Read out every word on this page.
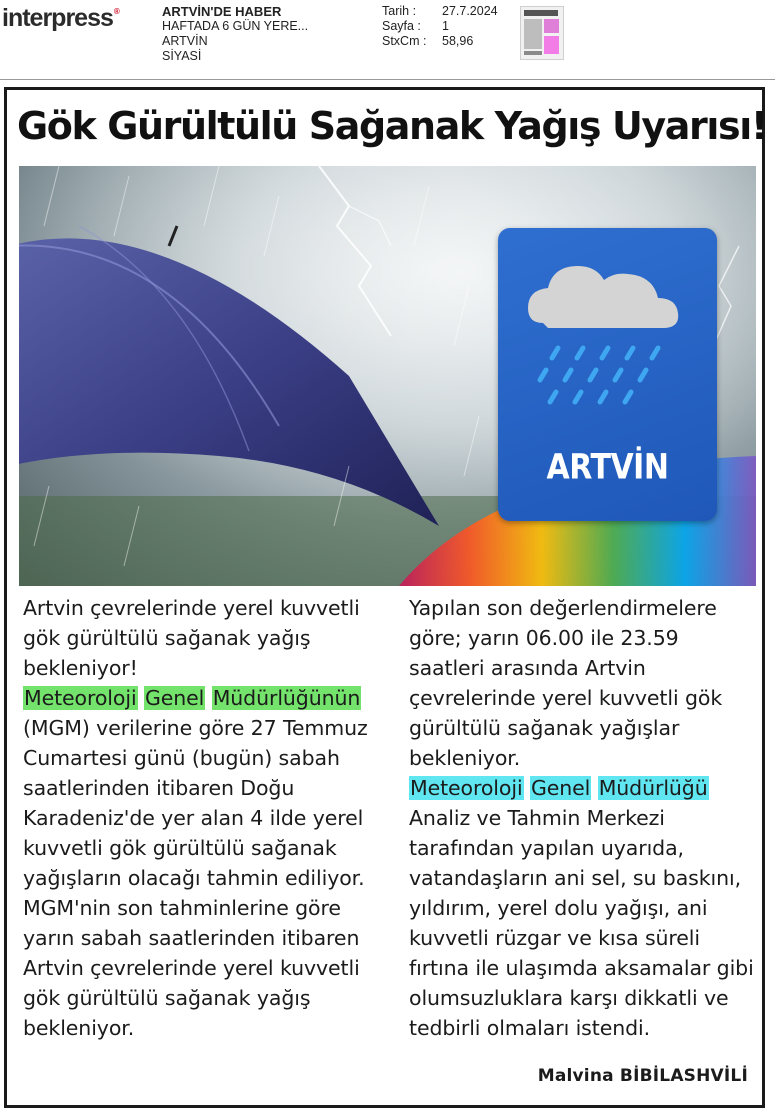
interpress®	ARTVİN'DE HABER
HAFTADA 6 GÜN YERE...
ARTVİN
SİYASİ
Tarih :	27.7.2024
Sayfa :	1
StxCm :	58,96
Gök Gürültülü Sağanak Yağış Uyarısı!
ARTVİN

Artvin çevrelerinde yerel kuvvetli gök gürültülü sağanak yağış bekleniyor!

Meteoroloji Genel Müdürlüğünün (MGM) verilerine göre 27 Temmuz Cumartesi günü (bugün) sabah saatlerinden itibaren Doğu Karadeniz'de yer alan 4 ilde yerel kuvvetli gök gürültülü sağanak yağışların olacağı tahmin ediliyor.

MGM'nin son tahminlerine göre yarın sabah saatlerinden itibaren Artvin çevrelerinde yerel kuvvetli gök gürültülü sağanak yağış bekleniyor.

Yapılan son değerlendirmelere göre; yarın 06.00 ile 23.59 saatleri arasında Artvin çevrelerinde yerel kuvvetli gök gürültülü sağanak yağışlar bekleniyor.

Meteoroloji Genel Müdürlüğü Analiz ve Tahmin Merkezi tarafından yapılan uyarıda, vatandaşların ani sel, su baskını, yıldırım, yerel dolu yağışı, ani kuvvetli rüzgar ve kısa süreli fırtına ile ulaşımda aksamalar gibi olumsuzluklara karşı dikkatli ve tedbirli olmaları istendi.

Malvina BİBİLASHVİLİ
